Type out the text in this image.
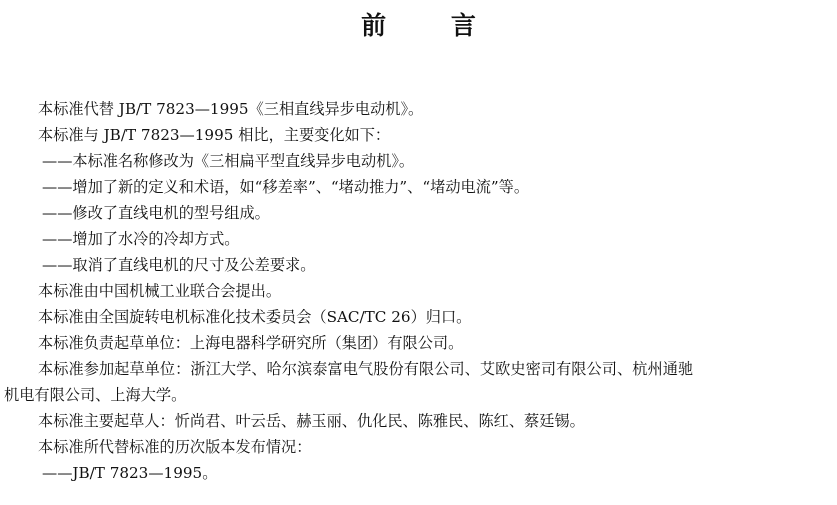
前 言
本标准代替 JB/T 7823—1995《三相直线异步电动机》。
本标准与 JB/T 7823—1995 相比，主要变化如下：
——本标准名称修改为《三相扁平型直线异步电动机》。
——增加了新的定义和术语，如“移差率”、“堵动推力”、“堵动电流”等。
——修改了直线电机的型号组成。
——增加了水冷的冷却方式。
——取消了直线电机的尺寸及公差要求。
本标准由中国机械工业联合会提出。
本标准由全国旋转电机标准化技术委员会（SAC/TC 26）归口。
本标准负责起草单位：上海电器科学研究所（集团）有限公司。
本标准参加起草单位：浙江大学、哈尔滨泰富电气股份有限公司、艾欧史密司有限公司、杭州通驰
机电有限公司、上海大学。
本标准主要起草人：忻尚君、叶云岳、赫玉丽、仇化民、陈雅民、陈红、蔡廷锡。
本标准所代替标准的历次版本发布情况：
——JB/T 7823—1995。
